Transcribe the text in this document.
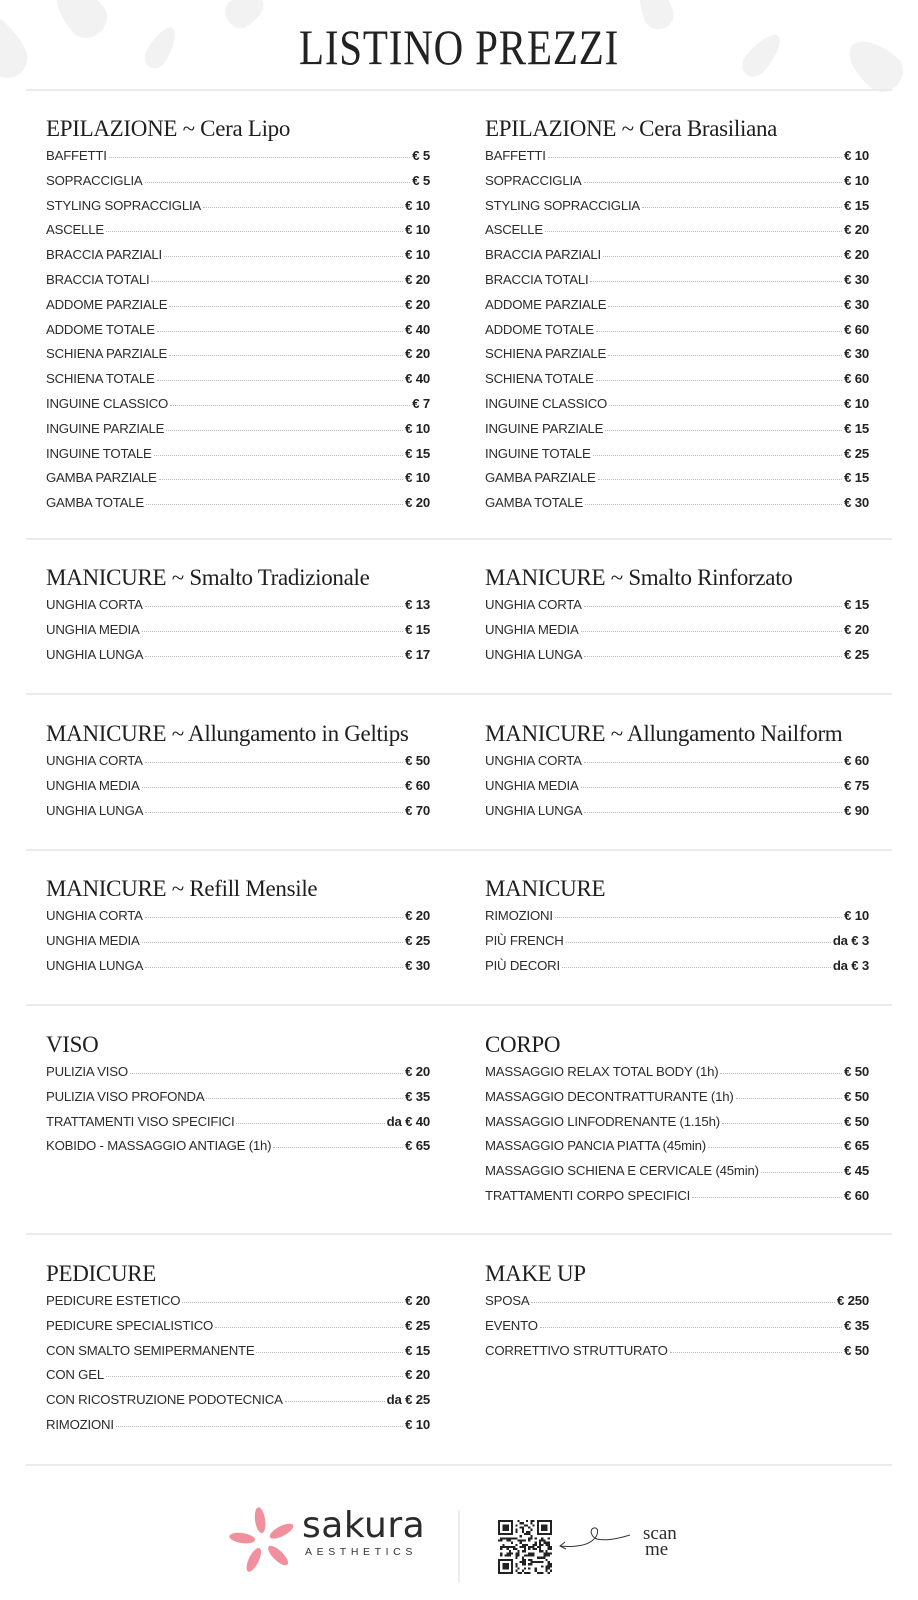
LISTINO PREZZI
EPILAZIONE ~ Cera Lipo
BAFFETTI	€ 5
SOPRACCIGLIA	€ 5
STYLING SOPRACCIGLIA	€ 10
ASCELLE	€ 10
BRACCIA PARZIALI	€ 10
BRACCIA TOTALI	€ 20
ADDOME PARZIALE	€ 20
ADDOME TOTALE	€ 40
SCHIENA PARZIALE	€ 20
SCHIENA TOTALE	€ 40
INGUINE CLASSICO	€ 7
INGUINE PARZIALE	€ 10
INGUINE TOTALE	€ 15
GAMBA PARZIALE	€ 10
GAMBA TOTALE	€ 20
EPILAZIONE ~ Cera Brasiliana
BAFFETTI	€ 10
SOPRACCIGLIA	€ 10
STYLING SOPRACCIGLIA	€ 15
ASCELLE	€ 20
BRACCIA PARZIALI	€ 20
BRACCIA TOTALI	€ 30
ADDOME PARZIALE	€ 30
ADDOME TOTALE	€ 60
SCHIENA PARZIALE	€ 30
SCHIENA TOTALE	€ 60
INGUINE CLASSICO	€ 10
INGUINE PARZIALE	€ 15
INGUINE TOTALE	€ 25
GAMBA PARZIALE	€ 15
GAMBA TOTALE	€ 30
MANICURE ~ Smalto Tradizionale
UNGHIA CORTA	€ 13
UNGHIA MEDIA	€ 15
UNGHIA LUNGA	€ 17
MANICURE ~ Smalto Rinforzato
UNGHIA CORTA	€ 15
UNGHIA MEDIA	€ 20
UNGHIA LUNGA	€ 25
MANICURE ~ Allungamento in Geltips
UNGHIA CORTA	€ 50
UNGHIA MEDIA	€ 60
UNGHIA LUNGA	€ 70
MANICURE ~ Allungamento Nailform
UNGHIA CORTA	€ 60
UNGHIA MEDIA	€ 75
UNGHIA LUNGA	€ 90
MANICURE ~ Refill Mensile
UNGHIA CORTA	€ 20
UNGHIA MEDIA	€ 25
UNGHIA LUNGA	€ 30
MANICURE
RIMOZIONI	€ 10
PIÙ FRENCH	da € 3
PIÙ DECORI	da € 3
VISO
PULIZIA VISO	€ 20
PULIZIA VISO PROFONDA	€ 35
TRATTAMENTI VISO SPECIFICI	da € 40
KOBIDO - MASSAGGIO ANTIAGE (1h)	€ 65
CORPO
MASSAGGIO RELAX TOTAL BODY (1h)	€ 50
MASSAGGIO DECONTRATTURANTE (1h)	€ 50
MASSAGGIO LINFODRENANTE (1.15h)	€ 50
MASSAGGIO PANCIA PIATTA (45min)	€ 65
MASSAGGIO SCHIENA E CERVICALE (45min)	€ 45
TRATTAMENTI CORPO SPECIFICI	€ 60
PEDICURE
PEDICURE ESTETICO	€ 20
PEDICURE SPECIALISTICO	€ 25
CON SMALTO SEMIPERMANENTE	€ 15
CON GEL	€ 20
CON RICOSTRUZIONE PODOTECNICA	da € 25
RIMOZIONI	€ 10
MAKE UP
SPOSA	€ 250
EVENTO	€ 35
CORRETTIVO STRUTTURATO	€ 50
sakura
AESTHETICS
scan
me
